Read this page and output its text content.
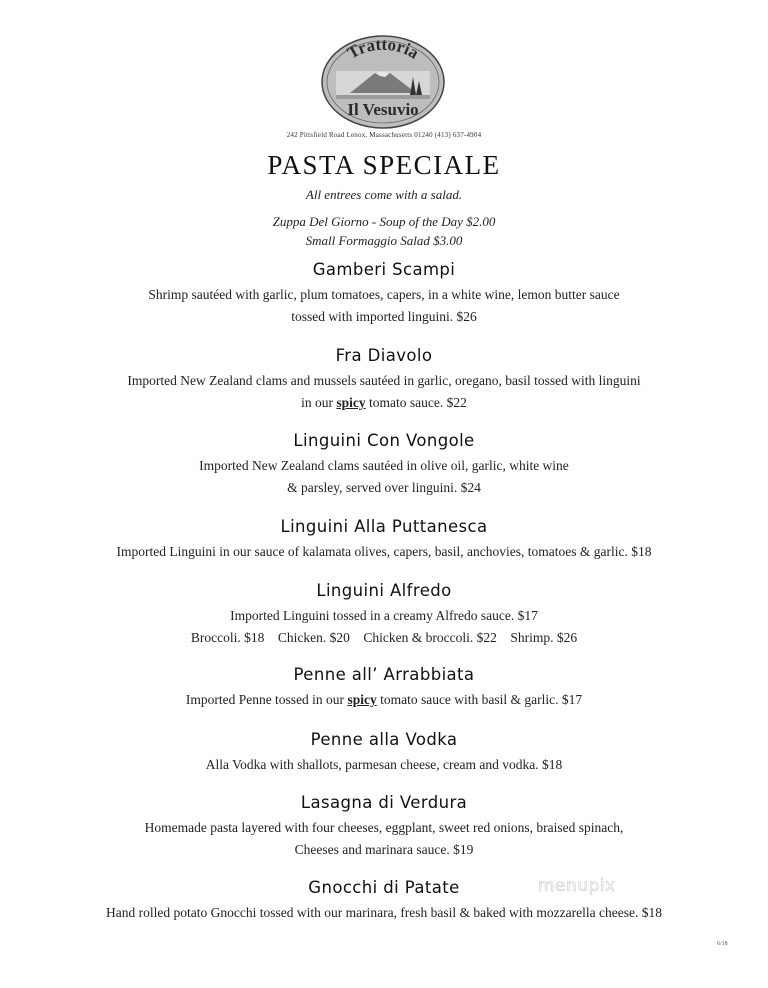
Trattoria
Il Vesuvio
242 Pittsfield Road Lenox, Massachusetts 01240 (413) 637-4904
PASTA SPECIALE
All entrees come with a salad.
Zuppa Del Giorno - Soup of the Day $2.00
Small Formaggio Salad $3.00
Gamberi Scampi
Shrimp sautéed with garlic, plum tomatoes, capers, in a white wine, lemon butter sauce
tossed with imported linguini. $26
Fra Diavolo
Imported New Zealand clams and mussels sautéed in garlic, oregano, basil tossed with linguini
in our spicy tomato sauce. $22
Linguini Con Vongole
Imported New Zealand clams sautéed in olive oil, garlic, white wine
& parsley, served over linguini. $24
Linguini Alla Puttanesca
Imported Linguini in our sauce of kalamata olives, capers, basil, anchovies, tomatoes & garlic. $18
Linguini Alfredo
Imported Linguini tossed in a creamy Alfredo sauce. $17
Broccoli. $18    Chicken. $20    Chicken & broccoli. $22    Shrimp. $26
Penne all’ Arrabbiata
Imported Penne tossed in our spicy tomato sauce with basil & garlic. $17
Penne alla Vodka
Alla Vodka with shallots, parmesan cheese, cream and vodka. $18
Lasagna di Verdura
Homemade pasta layered with four cheeses, eggplant, sweet red onions, braised spinach,
Cheeses and marinara sauce. $19
Gnocchi di Patate
Hand rolled potato Gnocchi tossed with our marinara, fresh basil & baked with mozzarella cheese. $18
menupix
6/18
